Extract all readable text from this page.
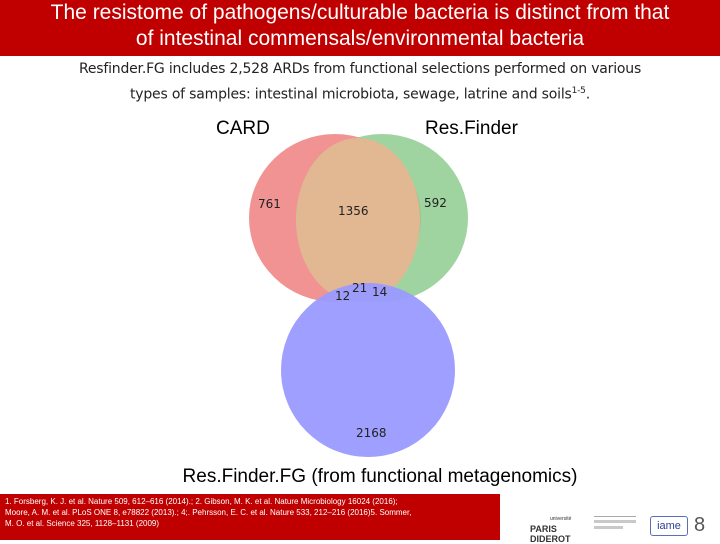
The resistome of pathogens/culturable bacteria is distinct from that
of intestinal commensals/environmental bacteria
Resfinder.FG includes 2,528 ARDs from functional selections performed on various
types of samples: intestinal microbiota, sewage, latrine and soils$^{1-5}$.
CARD	Res.Finder
761	1356
592
21
12 14
2168
Res.Finder.FG (from functional metagenomics)
1. Forsberg, K. J. et al. Nature 509, 612–616 (2014).; 2. Gibson, M. K. et al. Nature Microbiology 16024 (2016);
Moore, A. M. et al. PLoS ONE 8, e78822 (2013).; 4;. Pehrsson, E. C. et al. Nature 533, 212–216 (2016)5. Sommer,
M. O. et al. Science 325, 1128–1131 (2009)	université
PARIS
DIDEROT
iame 8
